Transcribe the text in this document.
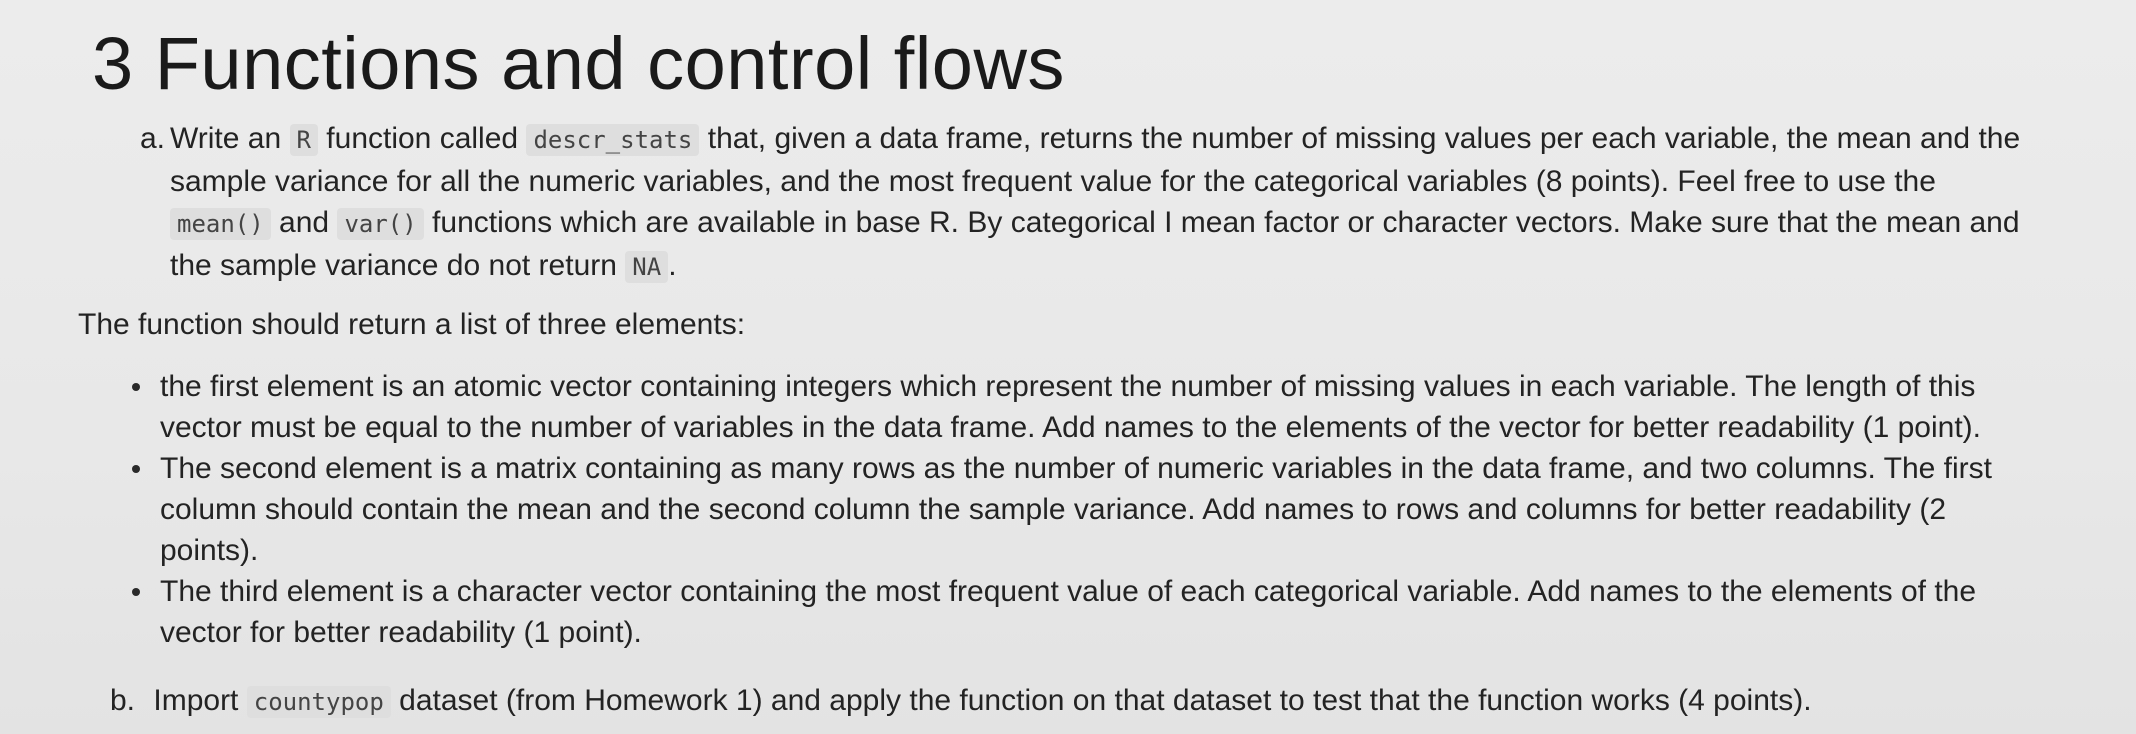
3 Functions and control flows
a. Write an R function called descr_stats that, given a data frame, returns the number of missing values per each variable, the mean and the sample variance for all the numeric variables, and the most frequent value for the categorical variables (8 points). Feel free to use the mean() and var() functions which are available in base R. By categorical I mean factor or character vectors. Make sure that the mean and the sample variance do not return NA .
The function should return a list of three elements:
the first element is an atomic vector containing integers which represent the number of missing values in each variable. The length of this vector must be equal to the number of variables in the data frame. Add names to the elements of the vector for better readability (1 point).
The second element is a matrix containing as many rows as the number of numeric variables in the data frame, and two columns. The first column should contain the mean and the second column the sample variance. Add names to rows and columns for better readability (2 points).
The third element is a character vector containing the most frequent value of each categorical variable. Add names to the elements of the vector for better readability (1 point).
b. Import countypop dataset (from Homework 1) and apply the function on that dataset to test that the function works (4 points).
